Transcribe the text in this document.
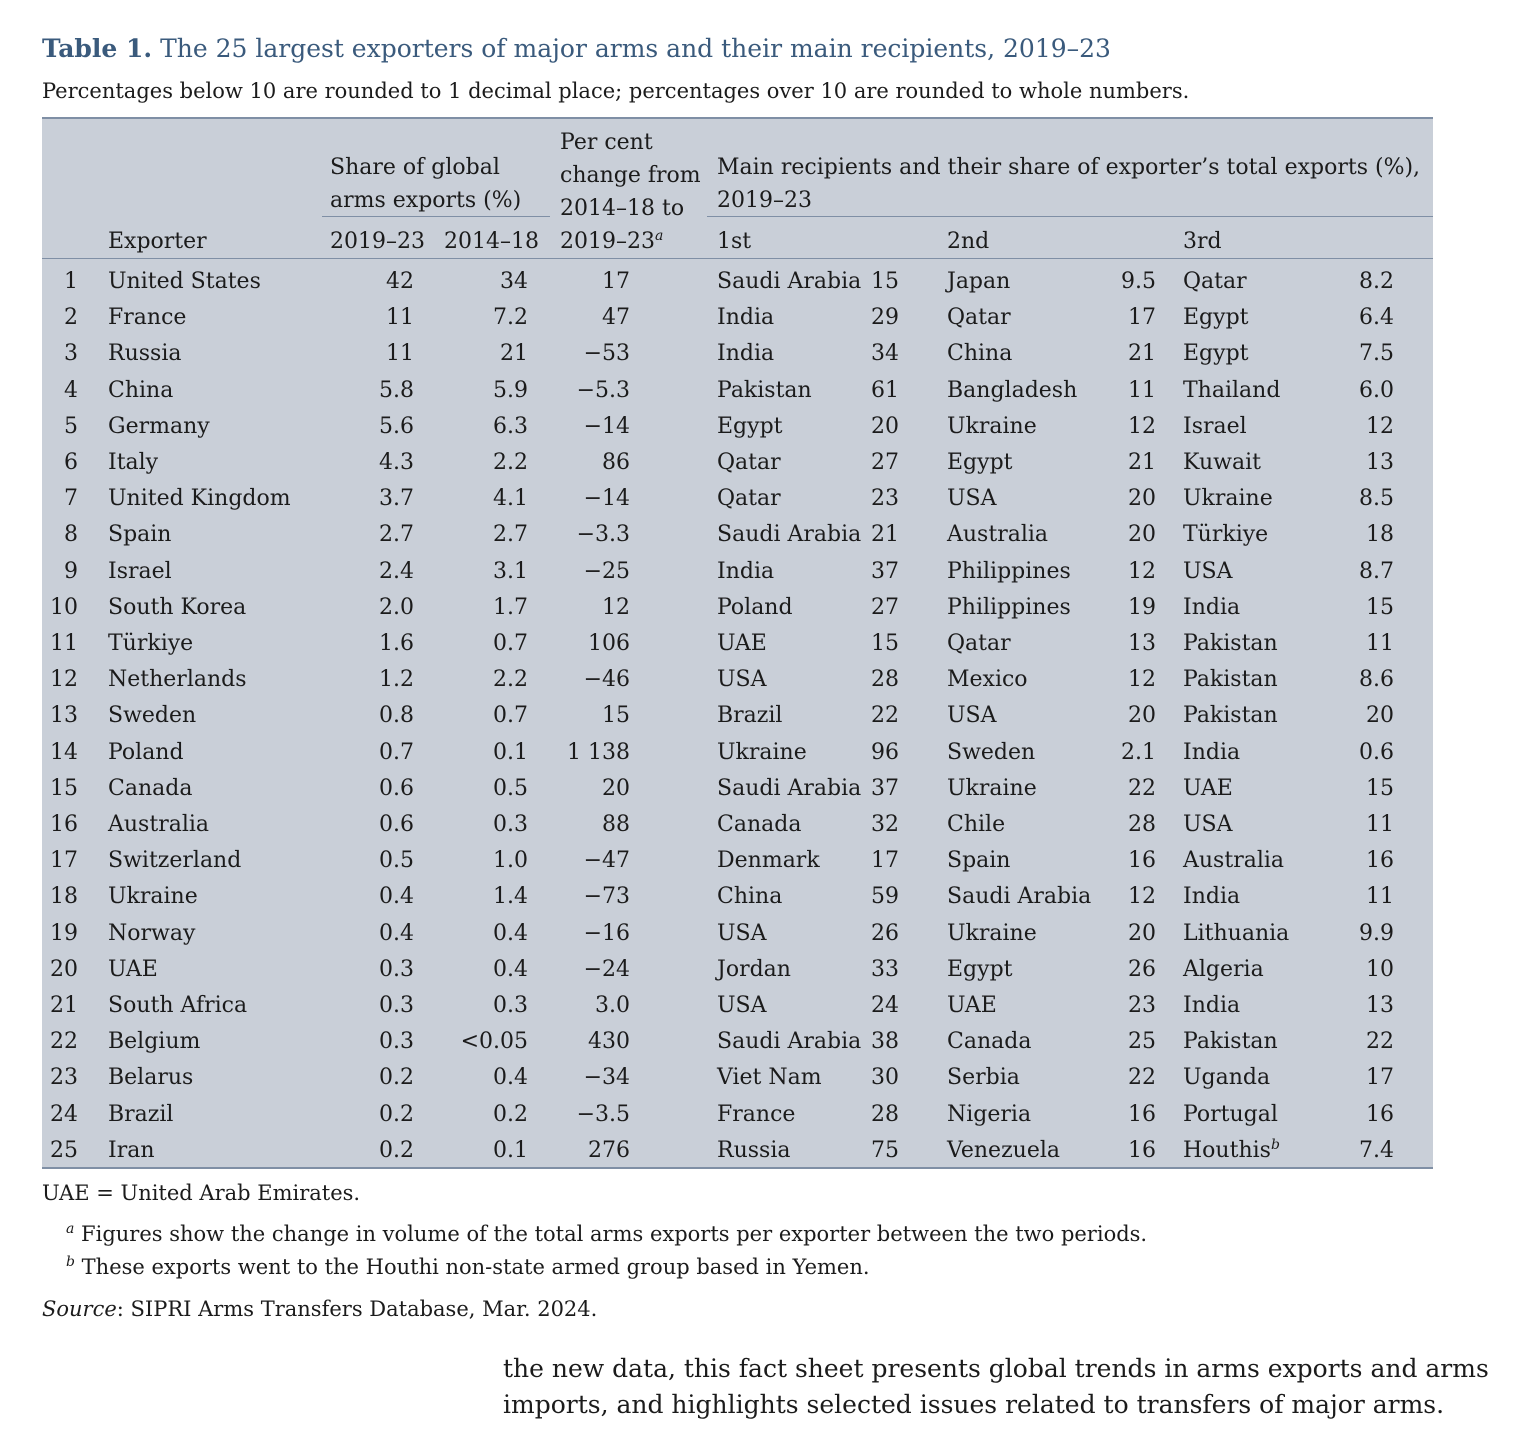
Table 1. The 25 largest exporters of major arms and their main recipients, 2019–23
Percentages below 10 are rounded to 1 decimal place; percentages over 10 are rounded to whole numbers.
Share of global
arms exports (%)
Per cent
change from
2014–18 to
Main recipients and their share of exporter’s total exports (%),
2019–23
Exporter	2019–23 2014–18 2019–23$^a$ 1st	2nd	3rd
1 United States	42	34	17	Saudi Arabia 15 Japan	9.5 Qatar	8.2
2 France	11	7.2	47	India	29 Qatar	17 Egypt	6.4
3 Russia	11	21	−53	India	34 China	21 Egypt	7.5
4 China	5.8	5.9	−5.3	Pakistan	61 Bangladesh	11 Thailand	6.0
5 Germany	5.6	6.3	−14	Egypt	20 Ukraine	12 Israel	12
6 Italy	4.3	2.2	86	Qatar	27 Egypt	21 Kuwait	13
7 United Kingdom	3.7	4.1	−14	Qatar	23 USA	20 Ukraine	8.5
8 Spain	2.7	2.7	−3.3	Saudi Arabia 21 Australia	20 Türkiye	18
9 Israel	2.4	3.1	−25	India	37 Philippines	12 USA	8.7
10 South Korea	2.0	1.7	12	Poland	27 Philippines	19 India	15
11 Türkiye	1.6	0.7	106	UAE	15 Qatar	13 Pakistan	11
12 Netherlands	1.2	2.2	−46	USA	28 Mexico	12 Pakistan	8.6
13 Sweden	0.8	0.7	15	Brazil	22 USA	20 Pakistan	20
14 Poland	0.7	0.1	1 138	Ukraine	96 Sweden	2.1 India	0.6
15 Canada	0.6	0.5	20	Saudi Arabia 37 Ukraine	22 UAE	15
16 Australia	0.6	0.3	88	Canada	32 Chile	28 USA	11
17 Switzerland	0.5	1.0	−47	Denmark	17 Spain	16 Australia	16
18 Ukraine	0.4	1.4	−73	China	59 Saudi Arabia	12 India	11
19 Norway	0.4	0.4	−16	USA	26 Ukraine	20 Lithuania	9.9
20 UAE	0.3	0.4	−24	Jordan	33 Egypt	26 Algeria	10
21 South Africa	0.3	0.3	3.0	USA	24 UAE	23 India	13
22 Belgium	0.3	<0.05	430	Saudi Arabia 38 Canada	25 Pakistan	22
23 Belarus	0.2	0.4	−34	Viet Nam	30 Serbia	22 Uganda	17
24 Brazil	0.2	0.2	−3.5	France	28 Nigeria	16 Portugal	16
25 Iran	0.2	0.1	276	Russia	75 Venezuela	16 Houthis$^b$	7.4
UAE = United Arab Emirates.
$^a$ Figures show the change in volume of the total arms exports per exporter between the two periods.
$^b$ These exports went to the Houthi non-state armed group based in Yemen.
Source: SIPRI Arms Transfers Database, Mar. 2024.
the new data, this fact sheet presents global trends in arms exports and arms
imports, and highlights selected issues related to transfers of major arms.
